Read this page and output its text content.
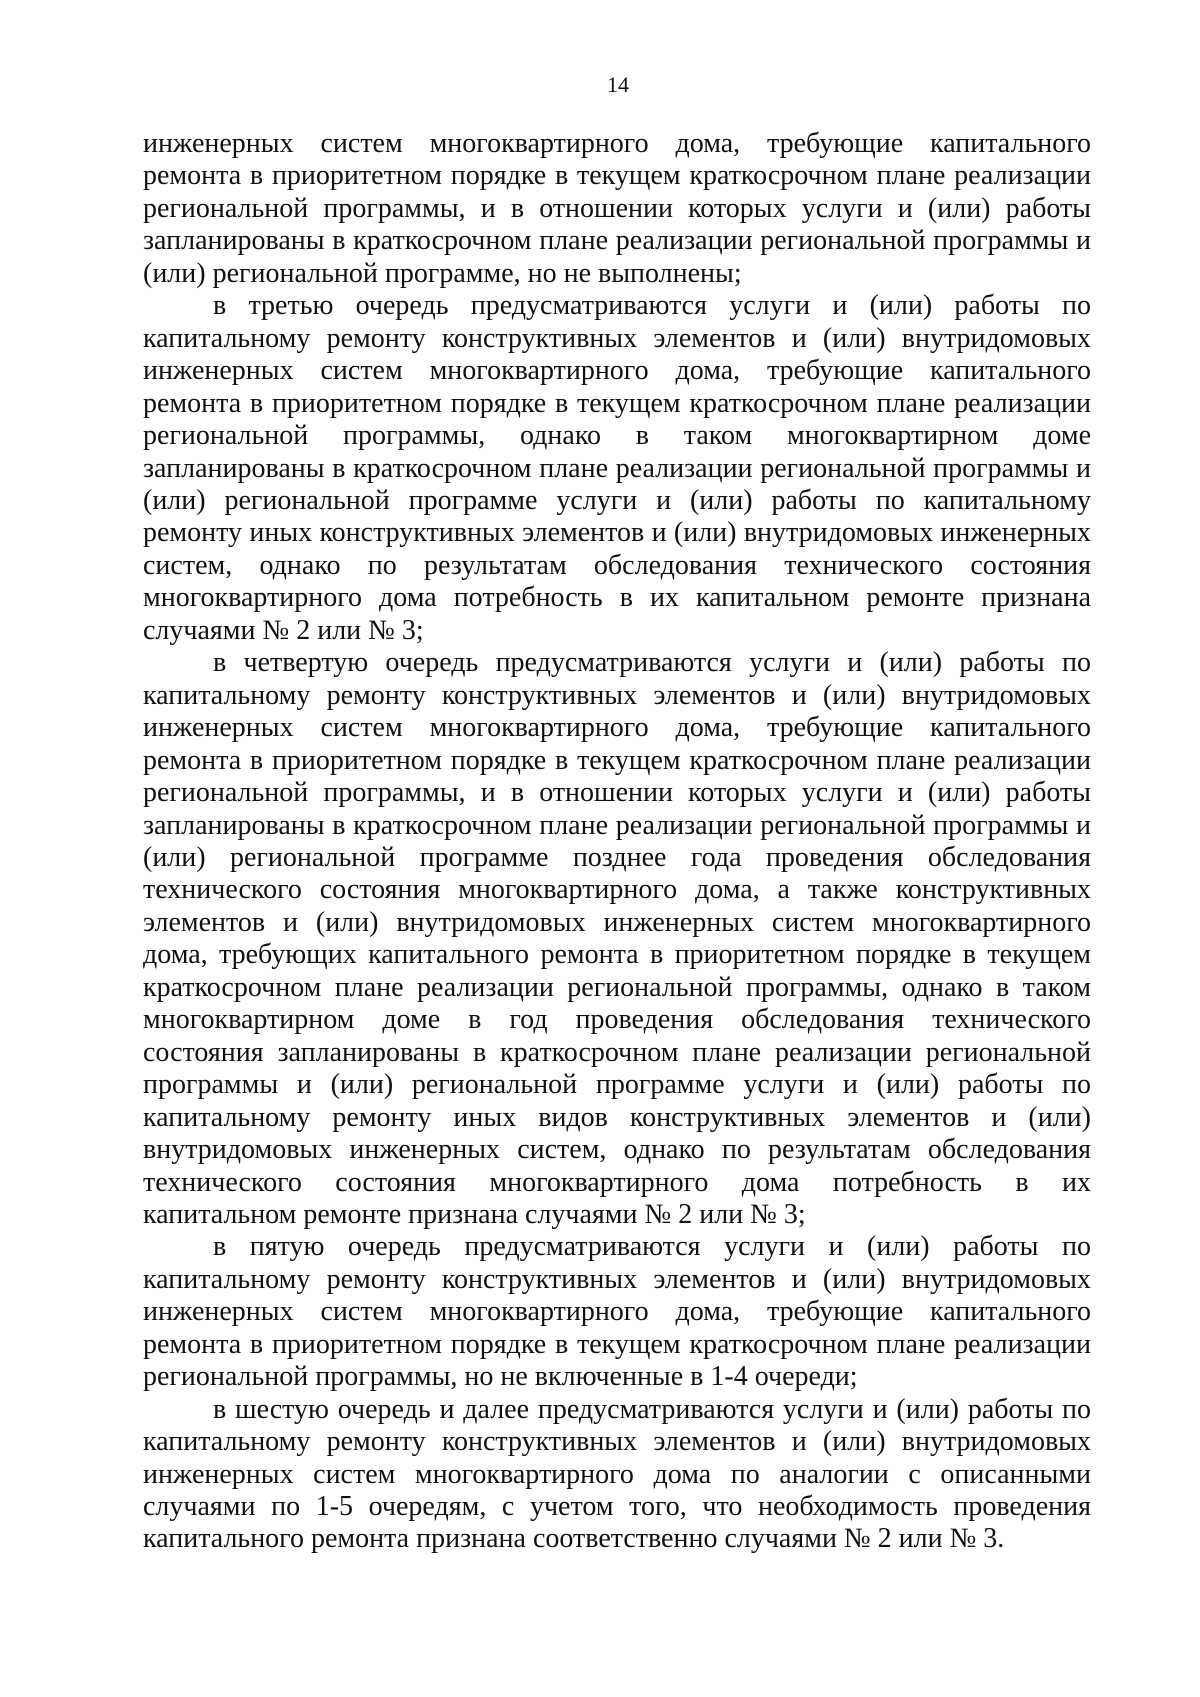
14

инженерных систем многоквартирного дома, требующие капитального ремонта в приоритетном порядке в текущем краткосрочном плане реализации региональной программы, и в отношении которых услуги и (или) работы запланированы в краткосрочном плане реализации региональной программы и (или) региональной программе, но не выполнены;

в третью очередь предусматриваются услуги и (или) работы по капитальному ремонту конструктивных элементов и (или) внутридомовых инженерных систем многоквартирного дома, требующие капитального ремонта в приоритетном порядке в текущем краткосрочном плане реализации региональной программы, однако в таком многоквартирном доме запланированы в краткосрочном плане реализации региональной программы и (или) региональной программе услуги и (или) работы по капитальному ремонту иных конструктивных элементов и (или) внутридомовых инженерных систем, однако по результатам обследования технического состояния многоквартирного дома потребность в их капитальном ремонте признана случаями № 2 или № 3;

в четвертую очередь предусматриваются услуги и (или) работы по капитальному ремонту конструктивных элементов и (или) внутридомовых инженерных систем многоквартирного дома, требующие капитального ремонта в приоритетном порядке в текущем краткосрочном плане реализации региональной программы, и в отношении которых услуги и (или) работы запланированы в краткосрочном плане реализации региональной программы и (или) региональной программе позднее года проведения обследования технического состояния многоквартирного дома, а также конструктивных элементов и (или) внутридомовых инженерных систем многоквартирного дома, требующих капитального ремонта в приоритетном порядке в текущем краткосрочном плане реализации региональной программы, однако в таком многоквартирном доме в год проведения обследования технического состояния запланированы в краткосрочном плане реализации региональной программы и (или) региональной программе услуги и (или) работы по капитальному ремонту иных видов конструктивных элементов и (или) внутридомовых инженерных систем, однако по результатам обследования технического состояния многоквартирного дома потребность в их капитальном ремонте признана случаями № 2 или № 3;

в пятую очередь предусматриваются услуги и (или) работы по капитальному ремонту конструктивных элементов и (или) внутридомовых инженерных систем многоквартирного дома, требующие капитального ремонта в приоритетном порядке в текущем краткосрочном плане реализации региональной программы, но не включенные в 1-4 очереди;

в шестую очередь и далее предусматриваются услуги и (или) работы по капитальному ремонту конструктивных элементов и (или) внутридомовых инженерных систем многоквартирного дома по аналогии с описанными случаями по 1-5 очередям, с учетом того, что необходимость проведения капитального ремонта признана соответственно случаями № 2 или № 3.
